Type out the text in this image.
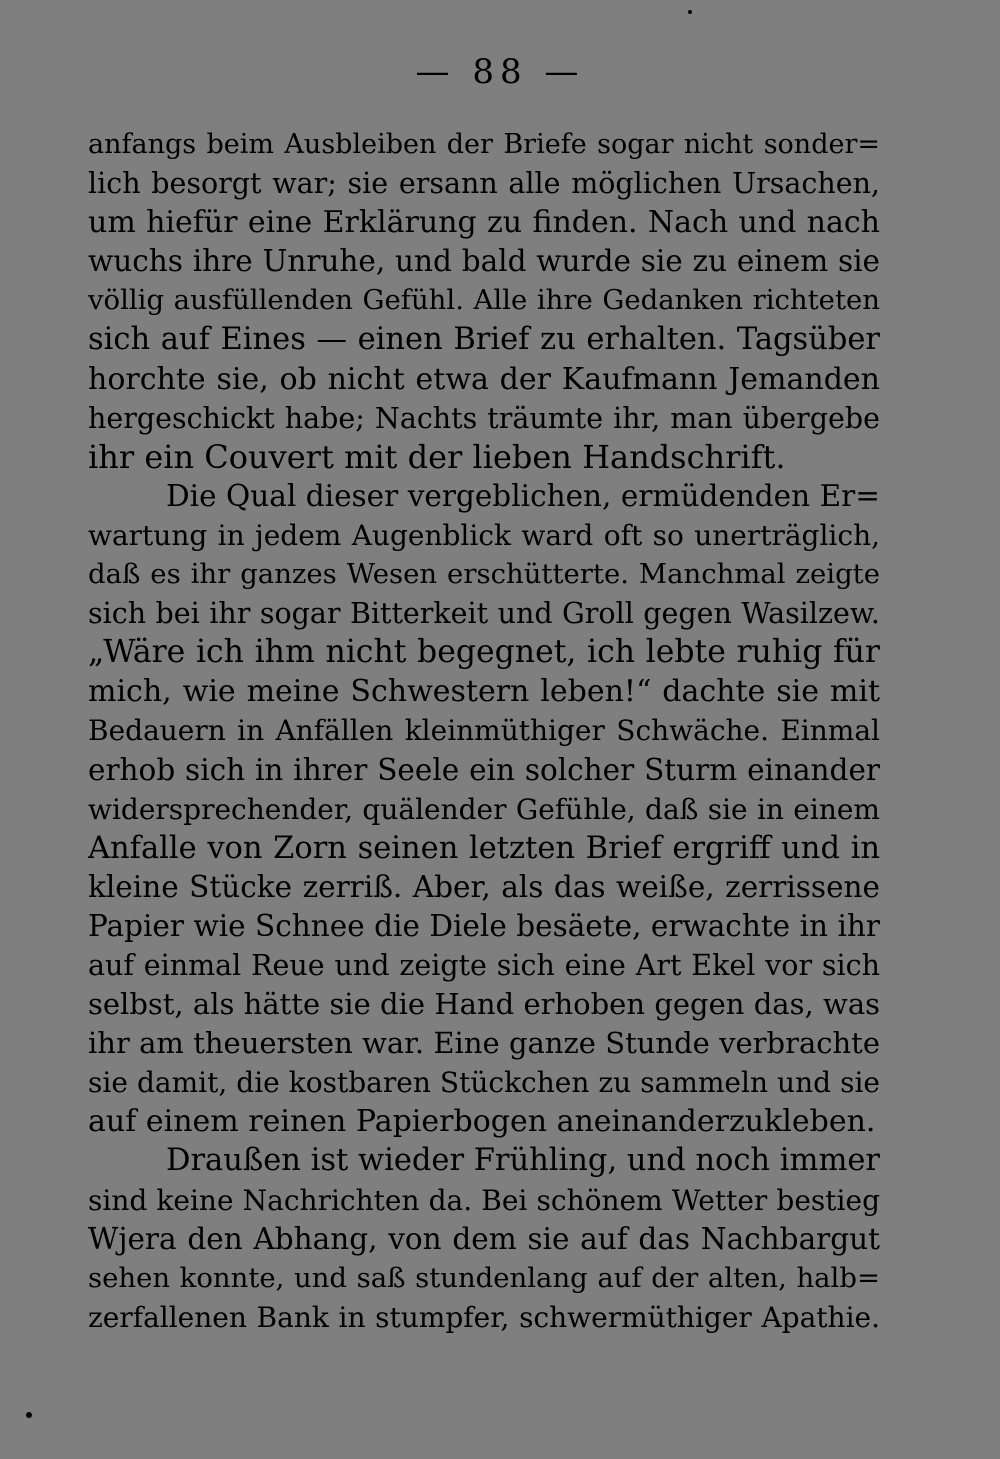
— 88 —
anfangs beim Ausbleiben der Briefe sogar nicht sonder=
lich besorgt war; sie ersann alle möglichen Ursachen,
um hiefür eine Erklärung zu finden. Nach und nach
wuchs ihre Unruhe, und bald wurde sie zu einem sie
völlig ausfüllenden Gefühl. Alle ihre Gedanken richteten
sich auf Eines — einen Brief zu erhalten. Tagsüber
horchte sie, ob nicht etwa der Kaufmann Jemanden
hergeschickt habe; Nachts träumte ihr, man übergebe
ihr ein Couvert mit der lieben Handschrift.
Die Qual dieser vergeblichen, ermüdenden Er=
wartung in jedem Augenblick ward oft so unerträglich,
daß es ihr ganzes Wesen erschütterte. Manchmal zeigte
sich bei ihr sogar Bitterkeit und Groll gegen Wasilzew.
„Wäre ich ihm nicht begegnet, ich lebte ruhig für
mich, wie meine Schwestern leben!“ dachte sie mit
Bedauern in Anfällen kleinmüthiger Schwäche. Einmal
erhob sich in ihrer Seele ein solcher Sturm einander
widersprechender, quälender Gefühle, daß sie in einem
Anfalle von Zorn seinen letzten Brief ergriff und in
kleine Stücke zerriß. Aber, als das weiße, zerrissene
Papier wie Schnee die Diele besäete, erwachte in ihr
auf einmal Reue und zeigte sich eine Art Ekel vor sich
selbst, als hätte sie die Hand erhoben gegen das, was
ihr am theuersten war. Eine ganze Stunde verbrachte
sie damit, die kostbaren Stückchen zu sammeln und sie
auf einem reinen Papierbogen aneinanderzukleben.
Draußen ist wieder Frühling, und noch immer
sind keine Nachrichten da. Bei schönem Wetter bestieg
Wjera den Abhang, von dem sie auf das Nachbargut
sehen konnte, und saß stundenlang auf der alten, halb=
zerfallenen Bank in stumpfer, schwermüthiger Apathie.
